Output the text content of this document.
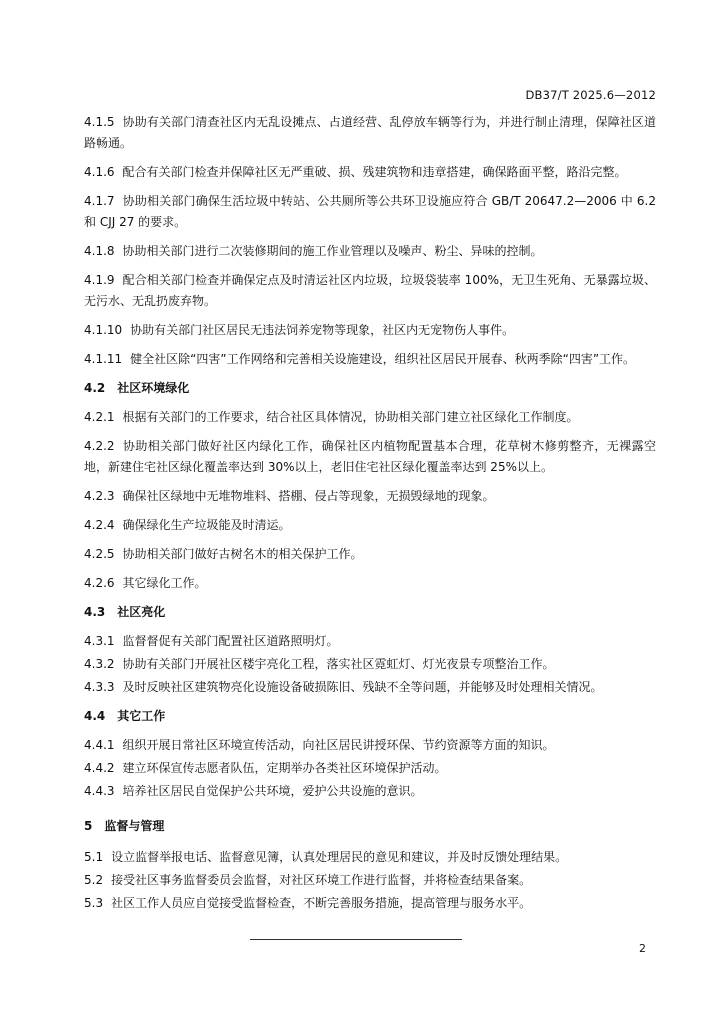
DB37/T 2025.6—2012
4.1.5 协助有关部门清查社区内无乱设摊点、占道经营、乱停放车辆等行为，并进行制止清理，保障社区道路畅通。
4.1.6 配合有关部门检查并保障社区无严重破、损、残建筑物和违章搭建，确保路面平整，路沿完整。
4.1.7 协助相关部门确保生活垃圾中转站、公共厕所等公共环卫设施应符合 GB/T 20647.2—2006 中 6.2 和 CJJ 27 的要求。
4.1.8 协助相关部门进行二次装修期间的施工作业管理以及噪声、粉尘、异味的控制。
4.1.9 配合相关部门检查并确保定点及时清运社区内垃圾，垃圾袋装率 100%，无卫生死角、无暴露垃圾、无污水、无乱扔废弃物。
4.1.10 协助有关部门社区居民无违法饲养宠物等现象，社区内无宠物伤人事件。
4.1.11 健全社区除“四害”工作网络和完善相关设施建设，组织社区居民开展春、秋两季除“四害”工作。
4.2 社区环境绿化
4.2.1 根据有关部门的工作要求，结合社区具体情况，协助相关部门建立社区绿化工作制度。
4.2.2 协助相关部门做好社区内绿化工作，确保社区内植物配置基本合理，花草树木修剪整齐，无裸露空地，新建住宅社区绿化覆盖率达到 30%以上，老旧住宅社区绿化覆盖率达到 25%以上。
4.2.3 确保社区绿地中无堆物堆料、搭棚、侵占等现象，无损毁绿地的现象。
4.2.4 确保绿化生产垃圾能及时清运。
4.2.5 协助相关部门做好古树名木的相关保护工作。
4.2.6 其它绿化工作。
4.3 社区亮化
4.3.1 监督督促有关部门配置社区道路照明灯。
4.3.2 协助有关部门开展社区楼宇亮化工程，落实社区霓虹灯、灯光夜景专项整治工作。
4.3.3 及时反映社区建筑物亮化设施设备破损陈旧、残缺不全等问题，并能够及时处理相关情况。
4.4 其它工作
4.4.1 组织开展日常社区环境宣传活动，向社区居民讲授环保、节约资源等方面的知识。
4.4.2 建立环保宣传志愿者队伍，定期举办各类社区环境保护活动。
4.4.3 培养社区居民自觉保护公共环境，爱护公共设施的意识。
5 监督与管理
5.1 设立监督举报电话、监督意见簿，认真处理居民的意见和建议，并及时反馈处理结果。
5.2 接受社区事务监督委员会监督，对社区环境工作进行监督，并将检查结果备案。
5.3 社区工作人员应自觉接受监督检查，不断完善服务措施，提高管理与服务水平。
2
